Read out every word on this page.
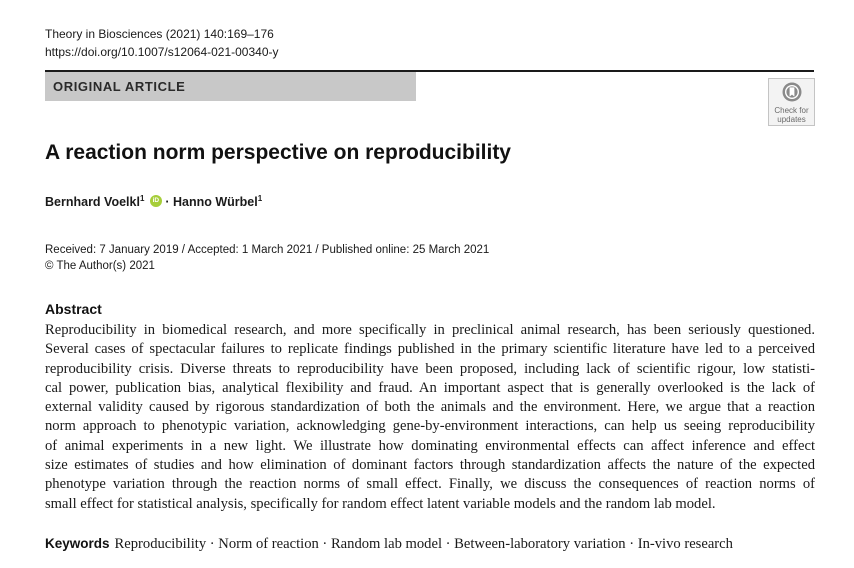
Theory in Biosciences (2021) 140:169–176
https://doi.org/10.1007/s12064-021-00340-y
ORIGINAL ARTICLE
Check for
updates
A reaction norm perspective on reproducibility
Bernhard Voelkl$^1$ iD · Hanno Würbel$^1$
Received: 7 January 2019 / Accepted: 1 March 2021 / Published online: 25 March 2021
© The Author(s) 2021
Abstract
Reproducibility in biomedical research, and more specifically in preclinical animal research, has been seriously questioned.
Several cases of spectacular failures to replicate findings published in the primary scientific literature have led to a perceived
reproducibility crisis. Diverse threats to reproducibility have been proposed, including lack of scientific rigour, low statisti-
cal power, publication bias, analytical flexibility and fraud. An important aspect that is generally overlooked is the lack of
external validity caused by rigorous standardization of both the animals and the environment. Here, we argue that a reaction
norm approach to phenotypic variation, acknowledging gene-by-environment interactions, can help us seeing reproducibility
of animal experiments in a new light. We illustrate how dominating environmental effects can affect inference and effect
size estimates of studies and how elimination of dominant factors through standardization affects the nature of the expected
phenotype variation through the reaction norms of small effect. Finally, we discuss the consequences of reaction norms of
small effect for statistical analysis, specifically for random effect latent variable models and the random lab model.
Keywords Reproducibility · Norm of reaction · Random lab model · Between-laboratory variation · In-vivo research
